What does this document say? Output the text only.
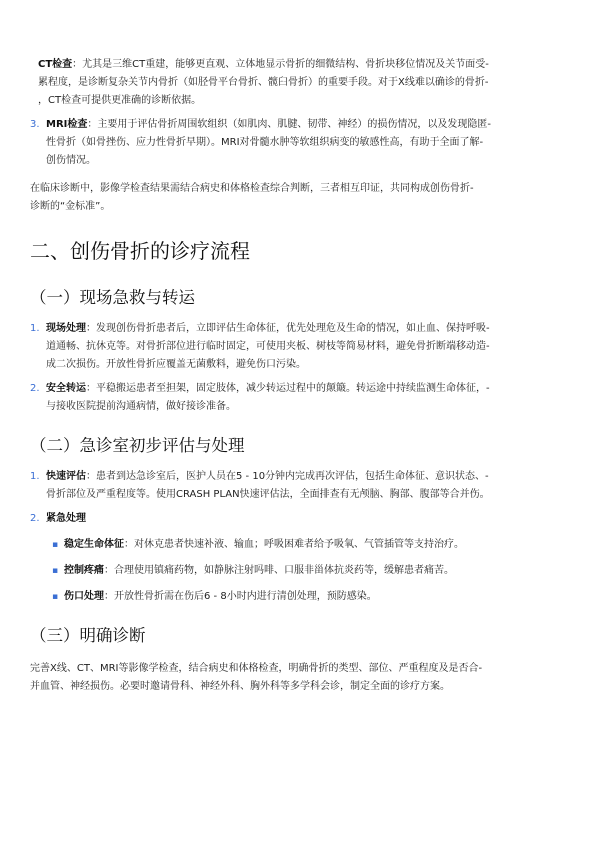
CT检查：尤其是三维CT重建，能够更直观、立体地显示骨折的细微结构、骨折块移位情况及关节面受-
累程度，是诊断复杂关节内骨折（如胫骨平台骨折、髋臼骨折）的重要手段。对于X线难以确诊的骨折-
，CT检查可提供更准确的诊断依据。
3. MRI检查：主要用于评估骨折周围软组织（如肌肉、肌腱、韧带、神经）的损伤情况，以及发现隐匿-
性骨折（如骨挫伤、应力性骨折早期）。MRI对骨髓水肿等软组织病变的敏感性高，有助于全面了解-
创伤情况。
在临床诊断中，影像学检查结果需结合病史和体格检查综合判断，三者相互印证，共同构成创伤骨折-
诊断的“金标准”。
二、创伤骨折的诊疗流程
（一）现场急救与转运
1. 现场处理：发现创伤骨折患者后，立即评估生命体征，优先处理危及生命的情况，如止血、保持呼吸-
道通畅、抗休克等。对骨折部位进行临时固定，可使用夹板、树枝等简易材料，避免骨折断端移动造-
成二次损伤。开放性骨折应覆盖无菌敷料，避免伤口污染。
2. 安全转运：平稳搬运患者至担架，固定肢体，减少转运过程中的颠簸。转运途中持续监测生命体征，-
与接收医院提前沟通病情，做好接诊准备。
（二）急诊室初步评估与处理
1. 快速评估：患者到达急诊室后，医护人员在5 - 10分钟内完成再次评估，包括生命体征、意识状态、-
骨折部位及严重程度等。使用CRASH PLAN快速评估法，全面排查有无颅脑、胸部、腹部等合并伤。
2. 紧急处理
▪ 稳定生命体征：对休克患者快速补液、输血；呼吸困难者给予吸氧、气管插管等支持治疗。
▪ 控制疼痛：合理使用镇痛药物，如静脉注射吗啡、口服非甾体抗炎药等，缓解患者痛苦。
▪ 伤口处理：开放性骨折需在伤后6 - 8小时内进行清创处理，预防感染。
（三）明确诊断
完善X线、CT、MRI等影像学检查，结合病史和体格检查，明确骨折的类型、部位、严重程度及是否合-
并血管、神经损伤。必要时邀请骨科、神经外科、胸外科等多学科会诊，制定全面的诊疗方案。
